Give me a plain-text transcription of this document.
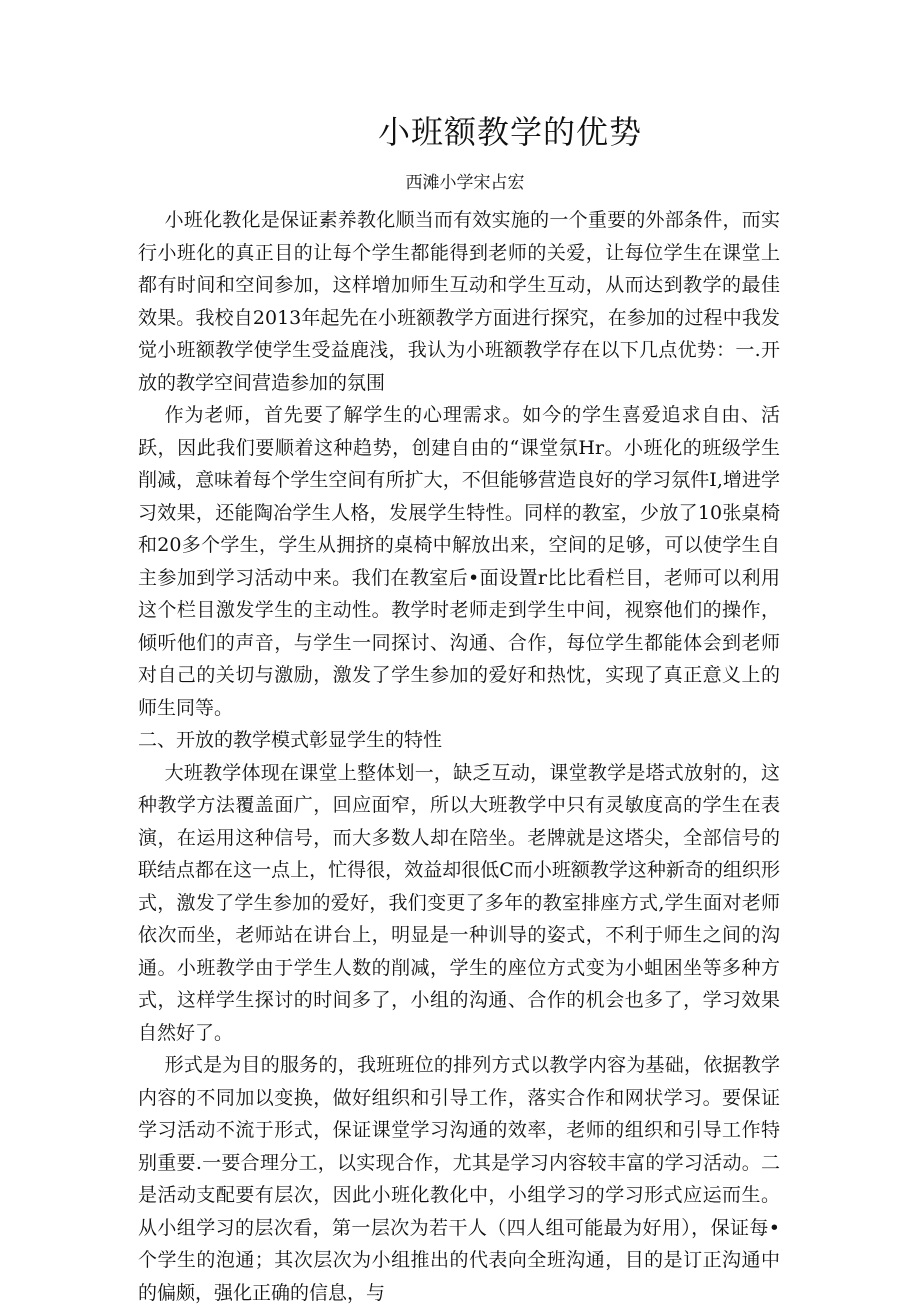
小班额教学的优势
西滩小学宋占宏

小班化教化是保证素养教化顺当而有效实施的一个重要的外部条件，而实行小班化的真正目的让每个学生都能得到老师的关爱，让每位学生在课堂上都有时间和空间参加，这样增加师生互动和学生互动，从而达到教学的最佳效果。我校自2013年起先在小班额教学方面进行探究，在参加的过程中我发觉小班额教学使学生受益鹿浅，我认为小班额教学存在以下几点优势：一.开放的教学空间营造参加的氛围

作为老师，首先要了解学生的心理需求。如今的学生喜爱追求自由、活跃，因此我们要顺着这种趋势，创建自由的“课堂氛Hr。小班化的班级学生削减，意味着每个学生空间有所扩大，不但能够营造良好的学习氛件I,增进学习效果，还能陶冶学生人格，发展学生特性。同样的教室，少放了10张桌椅和20多个学生，学生从拥挤的桌椅中解放出来，空间的足够，可以使学生自主参加到学习活动中来。我们在教室后•面设置r比比看栏目，老师可以利用这个栏目激发学生的主动性。教学时老师走到学生中间，视察他们的操作，倾听他们的声音，与学生一同探讨、沟通、合作，每位学生都能体会到老师对自己的关切与激励，激发了学生参加的爱好和热忱，实现了真正意义上的师生同等。

二、开放的教学模式彰显学生的特性

大班教学体现在课堂上整体划一，缺乏互动，课堂教学是塔式放射的，这种教学方法覆盖面广，回应面窄，所以大班教学中只有灵敏度高的学生在表演，在运用这种信号，而大多数人却在陪坐。老牌就是这塔尖，全部信号的联结点都在这一点上，忙得很，效益却很低C而小班额教学这种新奇的组织形式，激发了学生参加的爱好，我们变更了多年的教室排座方式,学生面对老师依次而坐，老师站在讲台上，明显是一种训导的姿式，不利于师生之间的沟通。小班教学由于学生人数的削减，学生的座位方式变为小蛆困坐等多种方式，这样学生探讨的时间多了，小组的沟通、合作的机会也多了，学习效果自然好了。

形式是为目的服务的，我班班位的排列方式以教学内容为基础，依据教学内容的不同加以变换，做好组织和引导工作，落实合作和网状学习。要保证学习活动不流于形式，保证课堂学习沟通的效率，老师的组织和引导工作特别重要.一要合理分工，以实现合作，尤其是学习内容较丰富的学习活动。二是活动支配要有层次，因此小班化教化中，小组学习的学习形式应运而生。从小组学习的层次看，第一层次为若干人（四人组可能最为好用），保证每•个学生的泡通；其次层次为小组推出的代表向全班沟通，目的是订正沟通中的偏颇，强化正确的信息，与
